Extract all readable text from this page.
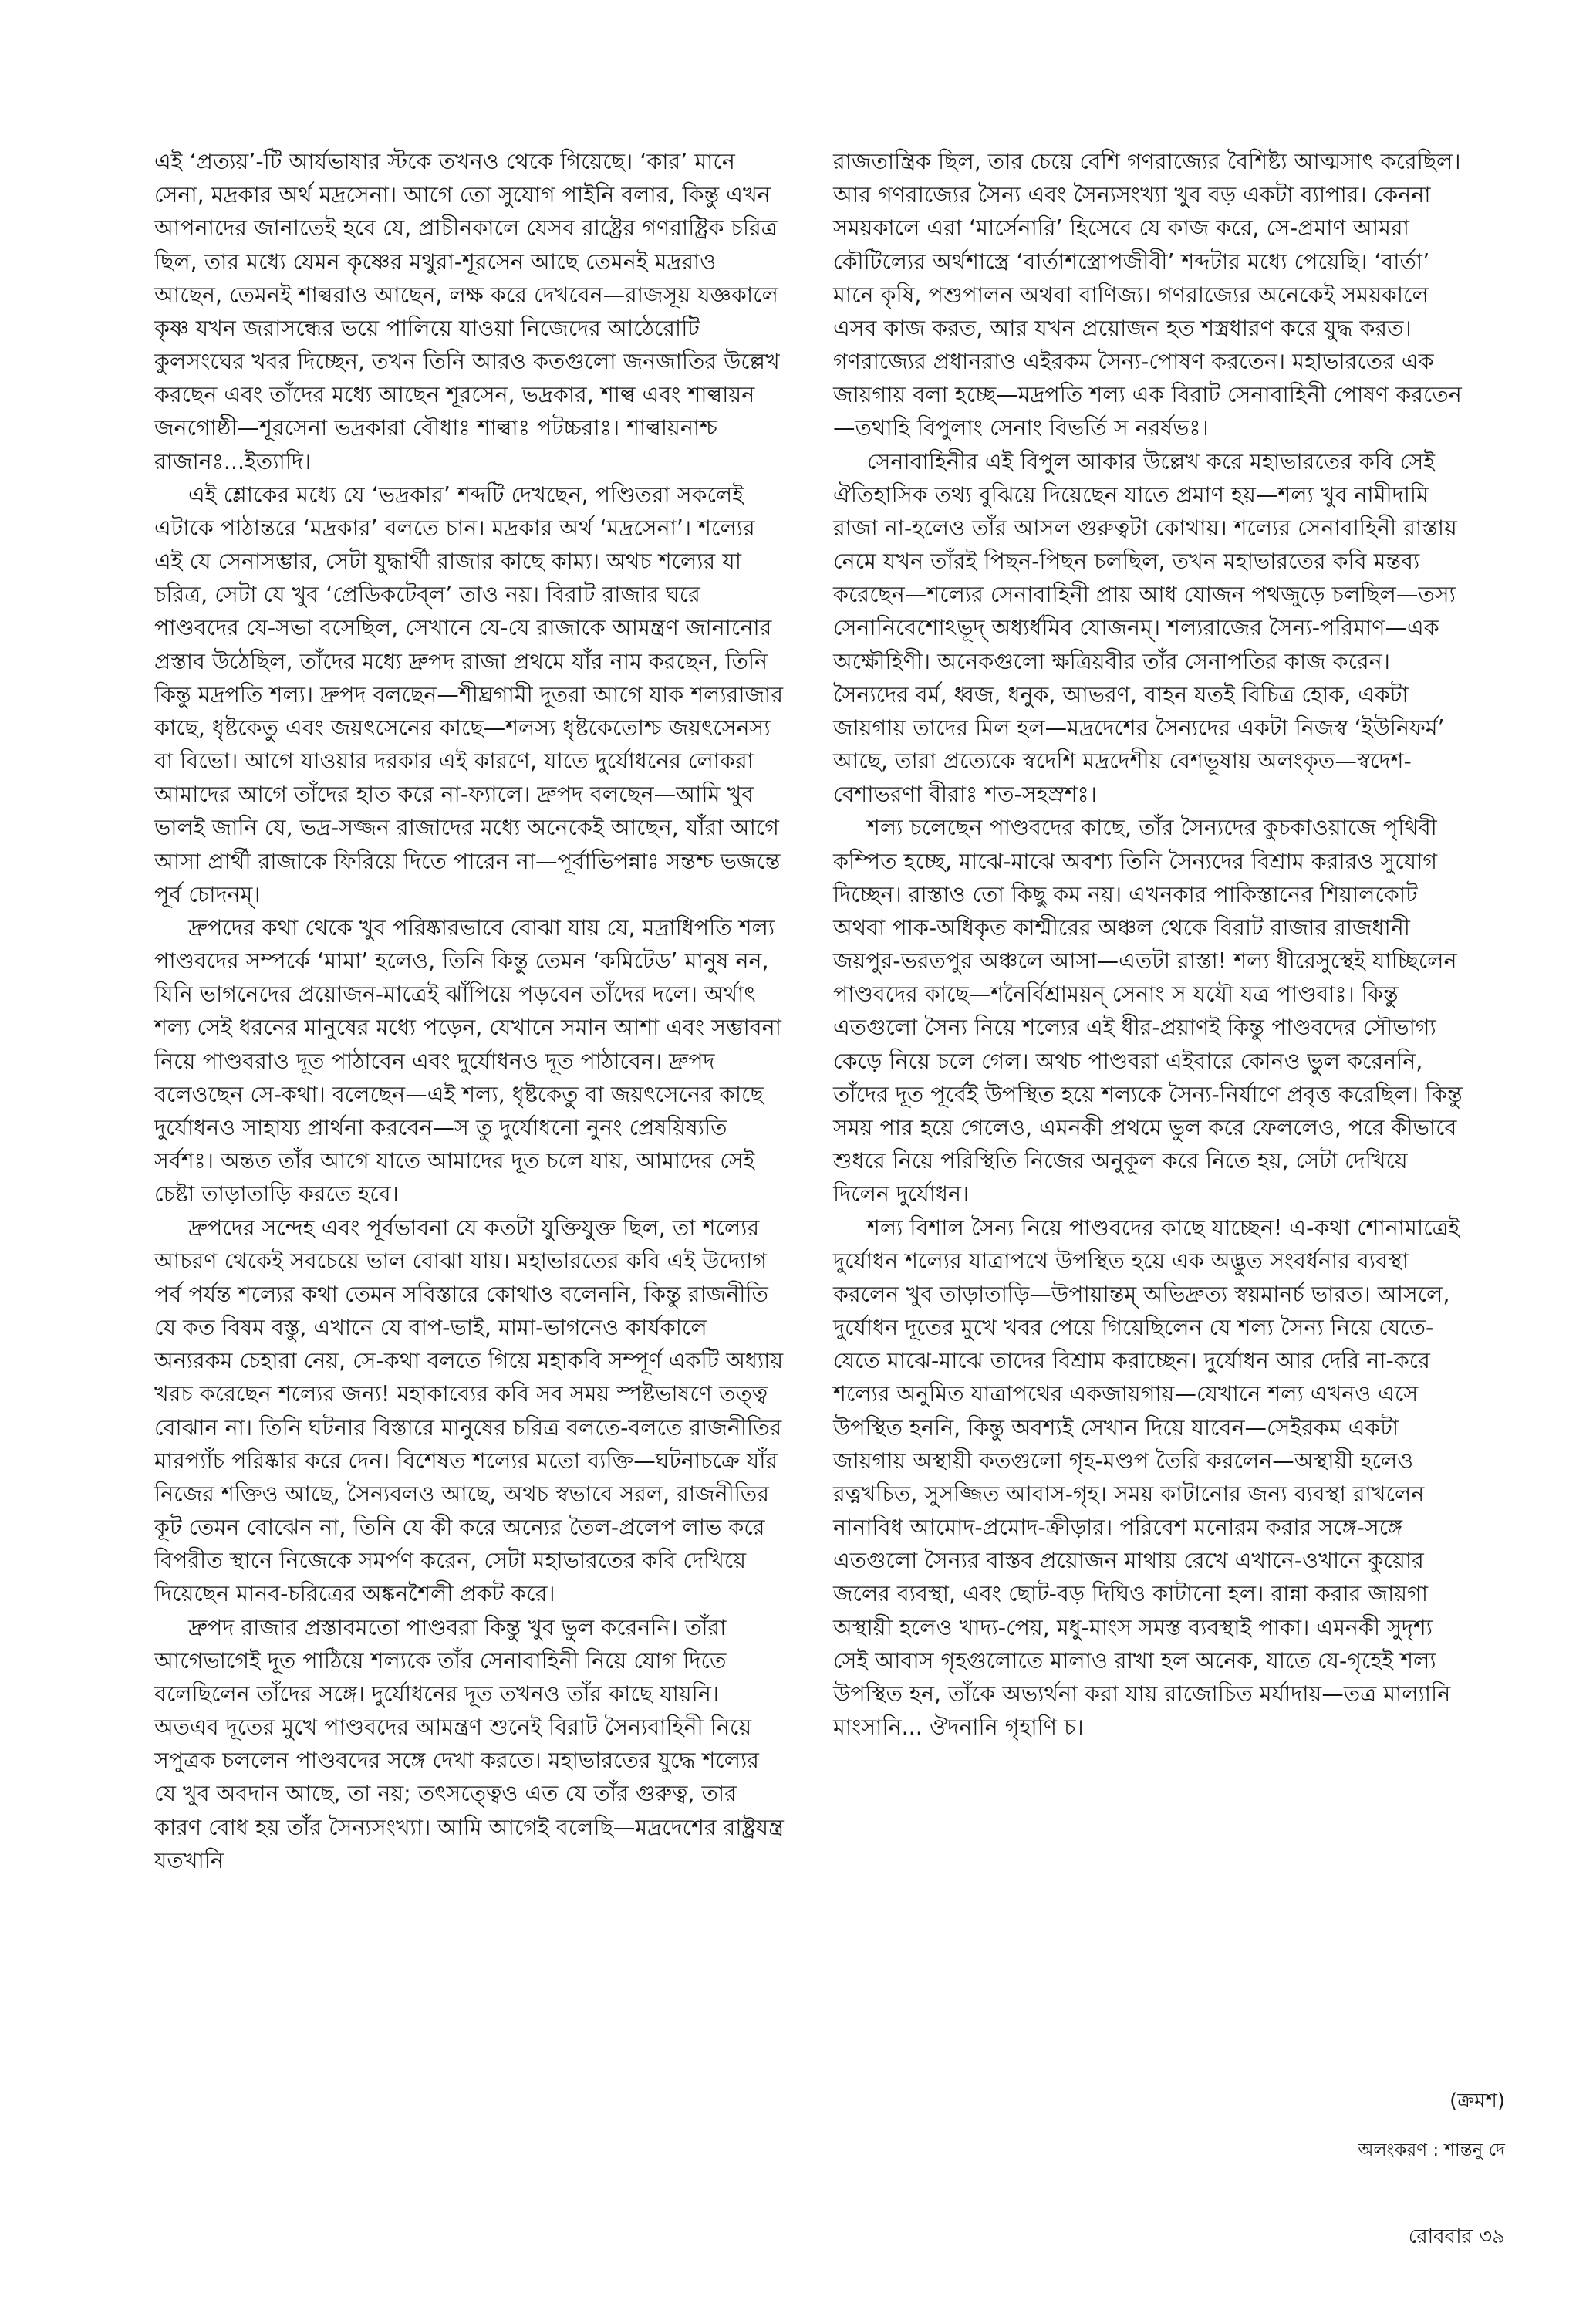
এই ‘প্রত্যয়’-টি আর্যভাষার স্টকে তখনও থেকে গিয়েছে। ‘কার’ মানে সেনা, মদ্রকার অর্থ মদ্রসেনা। আগে তো সুযোগ পাইনি বলার, কিন্তু এখন আপনাদের জানাতেই হবে যে, প্রাচীনকালে যেসব রাষ্ট্রের গণরাষ্ট্রিক চরিত্র ছিল, তার মধ্যে যেমন কৃষ্ণের মথুরা-শূরসেন আছে তেমনই মদ্ররাও আছেন, তেমনই শাল্বরাও আছেন, লক্ষ করে দেখবেন—রাজসূয় যজ্ঞকালে কৃষ্ণ যখন জরাসন্ধের ভয়ে পালিয়ে যাওয়া নিজেদের আঠেরোটি কুলসংঘের খবর দিচ্ছেন, তখন তিনি আরও কতগুলো জনজাতির উল্লেখ করছেন এবং তাঁদের মধ্যে আছেন শূরসেন, ভদ্রকার, শাল্ব এবং শাল্বায়ন জনগোষ্ঠী—শূরসেনা ভদ্রকারা বৌধাঃ শাল্বাঃ পটচ্চরাঃ। শাল্বায়নাশ্চ রাজানঃ...ইত্যাদি।

এই শ্লোকের মধ্যে যে ‘ভদ্রকার’ শব্দটি দেখছেন, পণ্ডিতরা সকলেই এটাকে পাঠান্তরে ‘মদ্রকার’ বলতে চান। মদ্রকার অর্থ ‘মদ্রসেনা’। শল্যের এই যে সেনাসম্ভার, সেটা যুদ্ধার্থী রাজার কাছে কাম্য। অথচ শল্যের যা চরিত্র, সেটা যে খুব ‘প্রেডিকটেব্‌ল’ তাও নয়। বিরাট রাজার ঘরে পাণ্ডবদের যে-সভা বসেছিল, সেখানে যে-যে রাজাকে আমন্ত্রণ জানানোর প্রস্তাব উঠেছিল, তাঁদের মধ্যে দ্রুপদ রাজা প্রথমে যাঁর নাম করছেন, তিনি কিন্তু মদ্রপতি শল্য। দ্রুপদ বলছেন—শীঘ্রগামী দূতরা আগে যাক শল্যরাজার কাছে, ধৃষ্টকেতু এবং জয়ৎসেনের কাছে—শলস্য ধৃষ্টকেতোশ্চ জয়ৎসেনস্য বা বিভো। আগে যাওয়ার দরকার এই কারণে, যাতে দুর্যোধনের লোকরা আমাদের আগে তাঁদের হাত করে না-ফ্যালে। দ্রুপদ বলছেন—আমি খুব ভালই জানি যে, ভদ্র-সজ্জন রাজাদের মধ্যে অনেকেই আছেন, যাঁরা আগে আসা প্রার্থী রাজাকে ফিরিয়ে দিতে পারেন না—পূর্বাভিপন্নাঃ সন্তশ্চ ভজন্তে পূর্ব চোদনম্।

দ্রুপদের কথা থেকে খুব পরিষ্কারভাবে বোঝা যায় যে, মদ্রাধিপতি শল্য পাণ্ডবদের সম্পর্কে ‘মামা’ হলেও, তিনি কিন্তু তেমন ‘কমিটেড’ মানুষ নন, যিনি ভাগনেদের প্রয়োজন-মাত্রেই ঝাঁপিয়ে পড়বেন তাঁদের দলে। অর্থাৎ শল্য সেই ধরনের মানুষের মধ্যে পড়েন, যেখানে সমান আশা এবং সম্ভাবনা নিয়ে পাণ্ডবরাও দূত পাঠাবেন এবং দুর্যোধনও দূত পাঠাবেন। দ্রুপদ বলেওছেন সে-কথা। বলেছেন—এই শল্য, ধৃষ্টকেতু বা জয়ৎসেনের কাছে দুর্যোধনও সাহায্য প্রার্থনা করবেন—স তু দুর্যোধনো নুনং প্রেষয়িষ্যতি সর্বশঃ। অন্তত তাঁর আগে যাতে আমাদের দূত চলে যায়, আমাদের সেই চেষ্টা তাড়াতাড়ি করতে হবে।

দ্রুপদের সন্দেহ এবং পূর্বভাবনা যে কতটা যুক্তিযুক্ত ছিল, তা শল্যের আচরণ থেকেই সবচেয়ে ভাল বোঝা যায়। মহাভারতের কবি এই উদ্যোগ পর্ব পর্যন্ত শল্যের কথা তেমন সবিস্তারে কোথাও বলেননি, কিন্তু রাজনীতি যে কত বিষম বস্তু, এখানে যে বাপ-ভাই, মামা-ভাগনেও কার্যকালে অন্যরকম চেহারা নেয়, সে-কথা বলতে গিয়ে মহাকবি সম্পূর্ণ একটি অধ্যায় খরচ করেছেন শল্যের জন্য! মহাকাব্যের কবি সব সময় স্পষ্টভাষণে তত্ত্ব বোঝান না। তিনি ঘটনার বিস্তারে মানুষের চরিত্র বলতে-বলতে রাজনীতির মারপ্যাঁচ পরিষ্কার করে দেন। বিশেষত শল্যের মতো ব্যক্তি—ঘটনাচক্রে যাঁর নিজের শক্তিও আছে, সৈন্যবলও আছে, অথচ স্বভাবে সরল, রাজনীতির কূট তেমন বোঝেন না, তিনি যে কী করে অন্যের তৈল-প্রলেপ লাভ করে বিপরীত স্থানে নিজেকে সমর্পণ করেন, সেটা মহাভারতের কবি দেখিয়ে দিয়েছেন মানব-চরিত্রের অঙ্কনশৈলী প্রকট করে।

দ্রুপদ রাজার প্রস্তাবমতো পাণ্ডবরা কিন্তু খুব ভুল করেননি। তাঁরা আগেভাগেই দূত পাঠিয়ে শল্যকে তাঁর সেনাবাহিনী নিয়ে যোগ দিতে বলেছিলেন তাঁদের সঙ্গে। দুর্যোধনের দূত তখনও তাঁর কাছে যায়নি। অতএব দূতের মুখে পাণ্ডবদের আমন্ত্রণ শুনেই বিরাট সৈন্যবাহিনী নিয়ে সপুত্রক চললেন পাণ্ডবদের সঙ্গে দেখা করতে। মহাভারতের যুদ্ধে শল্যের যে খুব অবদান আছে, তা নয়; তৎসত্ত্বেও এত যে তাঁর গুরুত্ব, তার কারণ বোধ হয় তাঁর সৈন্যসংখ্যা। আমি আগেই বলেছি—মদ্রদেশের রাষ্ট্রযন্ত্র যতখানি

রাজতান্ত্রিক ছিল, তার চেয়ে বেশি গণরাজ্যের বৈশিষ্ট্য আত্মসাৎ করেছিল। আর গণরাজ্যের সৈন্য এবং সৈন্যসংখ্যা খুব বড় একটা ব্যাপার। কেননা সময়কালে এরা ‘মার্সেনারি’ হিসেবে যে কাজ করে, সে-প্রমাণ আমরা কৌটিল্যের অর্থশাস্ত্রে ‘বার্তাশস্ত্রোপজীবী’ শব্দটার মধ্যে পেয়েছি। ‘বার্তা’ মানে কৃষি, পশুপালন অথবা বাণিজ্য। গণরাজ্যের অনেকেই সময়কালে এসব কাজ করত, আর যখন প্রয়োজন হত শস্ত্রধারণ করে যুদ্ধ করত। গণরাজ্যের প্রধানরাও এইরকম সৈন্য-পোষণ করতেন। মহাভারতের এক জায়গায় বলা হচ্ছে—মদ্রপতি শল্য এক বিরাট সেনাবাহিনী পোষণ করতেন—তথাহি বিপুলাং সেনাং বিভর্তি স নরর্ষভঃ।

সেনাবাহিনীর এই বিপুল আকার উল্লেখ করে মহাভারতের কবি সেই ঐতিহাসিক তথ্য বুঝিয়ে দিয়েছেন যাতে প্রমাণ হয়—শল্য খুব নামীদামি রাজা না-হলেও তাঁর আসল গুরুত্বটা কোথায়। শল্যের সেনাবাহিনী রাস্তায় নেমে যখন তাঁরই পিছন-পিছন চলছিল, তখন মহাভারতের কবি মন্তব্য করেছেন—শল্যের সেনাবাহিনী প্রায় আধ যোজন পথজুড়ে চলছিল—তস্য সেনানিবেশোঽভূদ্‌ অধ্যর্ধমিব যোজনম্। শল্যরাজের সৈন্য-পরিমাণ—এক অক্ষৌহিণী। অনেকগুলো ক্ষত্রিয়বীর তাঁর সেনাপতির কাজ করেন। সৈন্যদের বর্ম, ধ্বজ, ধনুক, আভরণ, বাহন যতই বিচিত্র হোক, একটা জায়গায় তাদের মিল হল—মদ্রদেশের সৈন্যদের একটা নিজস্ব ‘ইউনিফর্ম’ আছে, তারা প্রত্যেকে স্বদেশি মদ্রদেশীয় বেশভূষায় অলংকৃত—স্বদেশ-বেশাভরণা বীরাঃ শত-সহস্রশঃ।

শল্য চলেছেন পাণ্ডবদের কাছে, তাঁর সৈন্যদের কুচকাওয়াজে পৃথিবী কম্পিত হচ্ছে, মাঝে-মাঝে অবশ্য তিনি সৈন্যদের বিশ্রাম করারও সুযোগ দিচ্ছেন। রাস্তাও তো কিছু কম নয়। এখনকার পাকিস্তানের শিয়ালকোট অথবা পাক-অধিকৃত কাশ্মীরের অঞ্চল থেকে বিরাট রাজার রাজধানী জয়পুর-ভরতপুর অঞ্চলে আসা—এতটা রাস্তা! শল্য ধীরেসুস্থেই যাচ্ছিলেন পাণ্ডবদের কাছে—শনৈর্বিশ্রাময়ন্‌ সেনাং স যযৌ যত্র পাণ্ডবাঃ। কিন্তু এতগুলো সৈন্য নিয়ে শল্যের এই ধীর-প্রয়াণই কিন্তু পাণ্ডবদের সৌভাগ্য কেড়ে নিয়ে চলে গেল। অথচ পাণ্ডবরা এইবারে কোনও ভুল করেননি, তাঁদের দূত পূর্বেই উপস্থিত হয়ে শল্যকে সৈন্য-নির্যাণে প্রবৃত্ত করেছিল। কিন্তু সময় পার হয়ে গেলেও, এমনকী প্রথমে ভুল করে ফেললেও, পরে কীভাবে শুধরে নিয়ে পরিস্থিতি নিজের অনুকূল করে নিতে হয়, সেটা দেখিয়ে দিলেন দুর্যোধন।

শল্য বিশাল সৈন্য নিয়ে পাণ্ডবদের কাছে যাচ্ছেন! এ-কথা শোনামাত্রেই দুর্যোধন শল্যের যাত্রাপথে উপস্থিত হয়ে এক অদ্ভুত সংবর্ধনার ব্যবস্থা করলেন খুব তাড়াতাড়ি—উপায়ান্তম্‌ অভিদ্রুত্য স্বয়মানর্চ ভারত। আসলে, দুর্যোধন দূতের মুখে খবর পেয়ে গিয়েছিলেন যে শল্য সৈন্য নিয়ে যেতে-যেতে মাঝে-মাঝে তাদের বিশ্রাম করাচ্ছেন। দুর্যোধন আর দেরি না-করে শল্যের অনুমিত যাত্রাপথের একজায়গায়—যেখানে শল্য এখনও এসে উপস্থিত হননি, কিন্তু অবশ্যই সেখান দিয়ে যাবেন—সেইরকম একটা জায়গায় অস্থায়ী কতগুলো গৃহ-মণ্ডপ তৈরি করলেন—অস্থায়ী হলেও রত্নখচিত, সুসজ্জিত আবাস-গৃহ। সময় কাটানোর জন্য ব্যবস্থা রাখলেন নানাবিধ আমোদ-প্রমোদ-ক্রীড়ার। পরিবেশ মনোরম করার সঙ্গে-সঙ্গে এতগুলো সৈন্যর বাস্তব প্রয়োজন মাথায় রেখে এখানে-ওখানে কুয়োর জলের ব্যবস্থা, এবং ছোট-বড় দিঘিও কাটানো হল। রান্না করার জায়গা অস্থায়ী হলেও খাদ্য-পেয়, মধু-মাংস সমস্ত ব্যবস্থাই পাকা। এমনকী সুদৃশ্য সেই আবাস গৃহগুলোতে মালাও রাখা হল অনেক, যাতে যে-গৃহেই শল্য উপস্থিত হন, তাঁকে অভ্যর্থনা করা যায় রাজোচিত মর্যাদায়—তত্র মাল্যানি মাংসানি... ঔদনানি গৃহাণি চ।

(ক্রমশ)
অলংকরণ : শান্তনু দে
রোববার ৩৯
